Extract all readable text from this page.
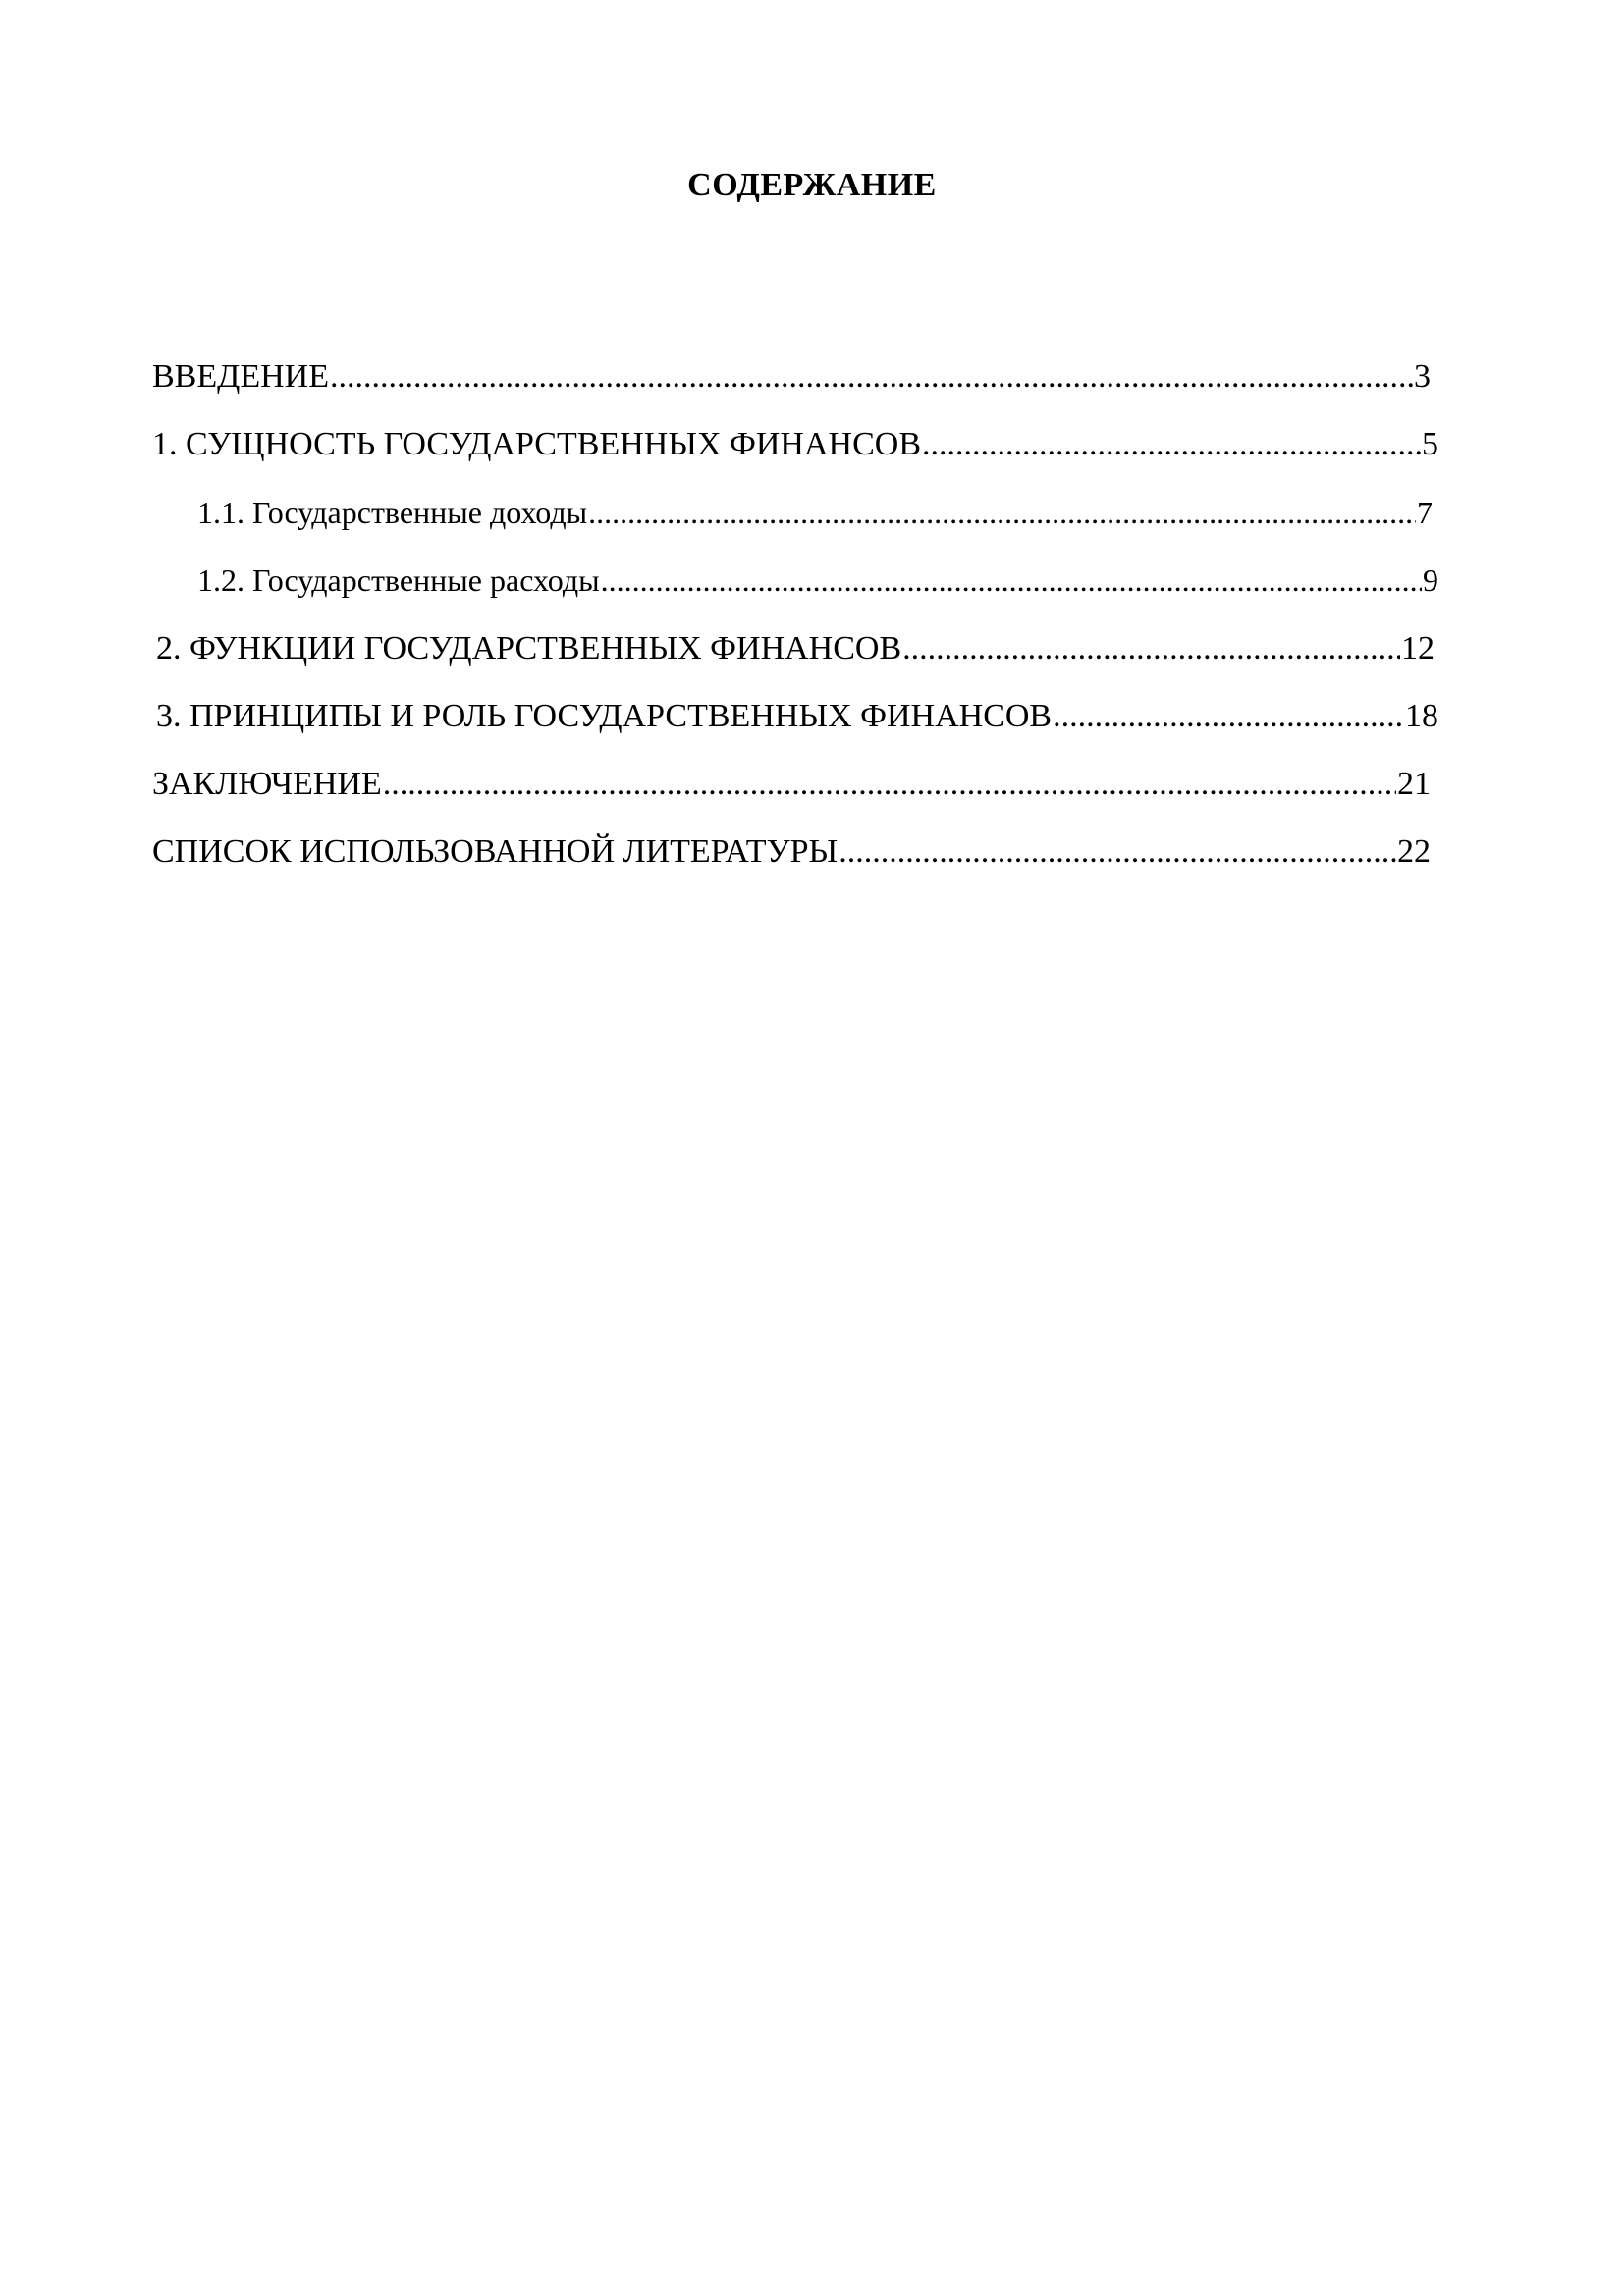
СОДЕРЖАНИЕ
ВВЕДЕНИЕ .....	3
1. СУЩНОСТЬ ГОСУДАРСТВЕННЫХ ФИНАНСОВ .....	5
1.1. Государственные доходы .....	7
1.2. Государственные расходы .....	9
2. ФУНКЦИИ ГОСУДАРСТВЕННЫХ ФИНАНСОВ .....	12
3. ПРИНЦИПЫ И РОЛЬ ГОСУДАРСТВЕННЫХ ФИНАНСОВ .....	18
ЗАКЛЮЧЕНИЕ .....	21
СПИСОК ИСПОЛЬЗОВАННОЙ ЛИТЕРАТУРЫ .....	22
